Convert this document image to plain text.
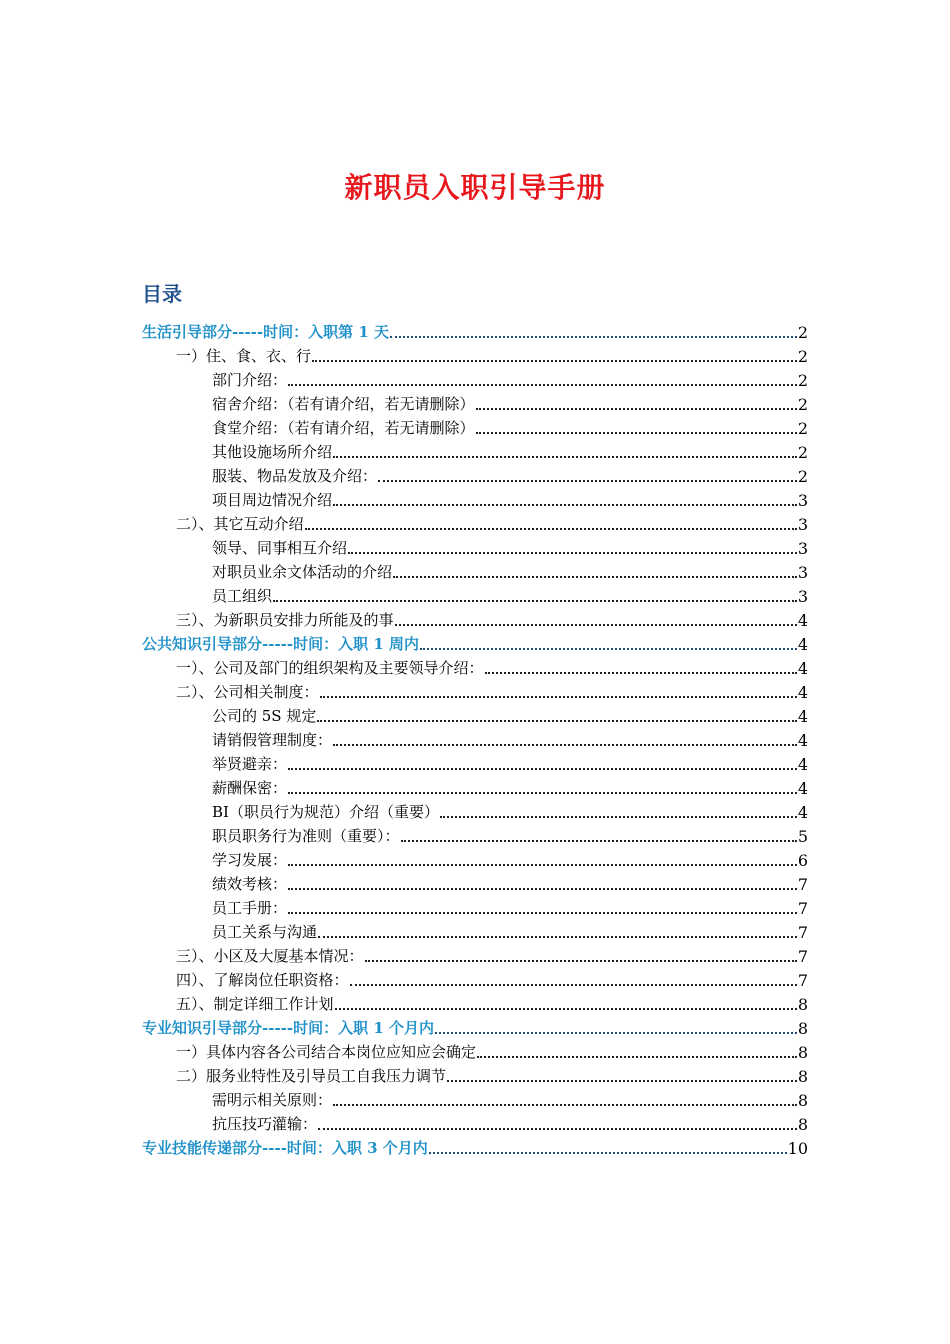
新职员入职引导手册
目录
生活引导部分-----时间：入职第 1 天	2
一）住、食、衣、行	2
部门介绍：	2
宿舍介绍：（若有请介绍，若无请删除）	2
食堂介绍：（若有请介绍，若无请删除）	2
其他设施场所介绍	2
服装、物品发放及介绍：	2
项目周边情况介绍	3
二）、其它互动介绍	3
领导、同事相互介绍	3
对职员业余文体活动的介绍	3
员工组织	3
三）、为新职员安排力所能及的事	4
公共知识引导部分-----时间：入职 1 周内	4
一）、公司及部门的组织架构及主要领导介绍：	4
二）、公司相关制度：	4
公司的 5S 规定	4
请销假管理制度：	4
举贤避亲：	4
薪酬保密：	4
BI（职员行为规范）介绍（重要）	4
职员职务行为准则（重要）：	5
学习发展：	6
绩效考核：	7
员工手册：	7
员工关系与沟通	7
三）、小区及大厦基本情况：	7
四）、了解岗位任职资格：	7
五）、制定详细工作计划	8
专业知识引导部分-----时间：入职 1 个月内	8
一）具体内容各公司结合本岗位应知应会确定	8
二）服务业特性及引导员工自我压力调节	8
需明示相关原则：	8
抗压技巧灌输：	8
专业技能传递部分----时间：入职 3 个月内	10
